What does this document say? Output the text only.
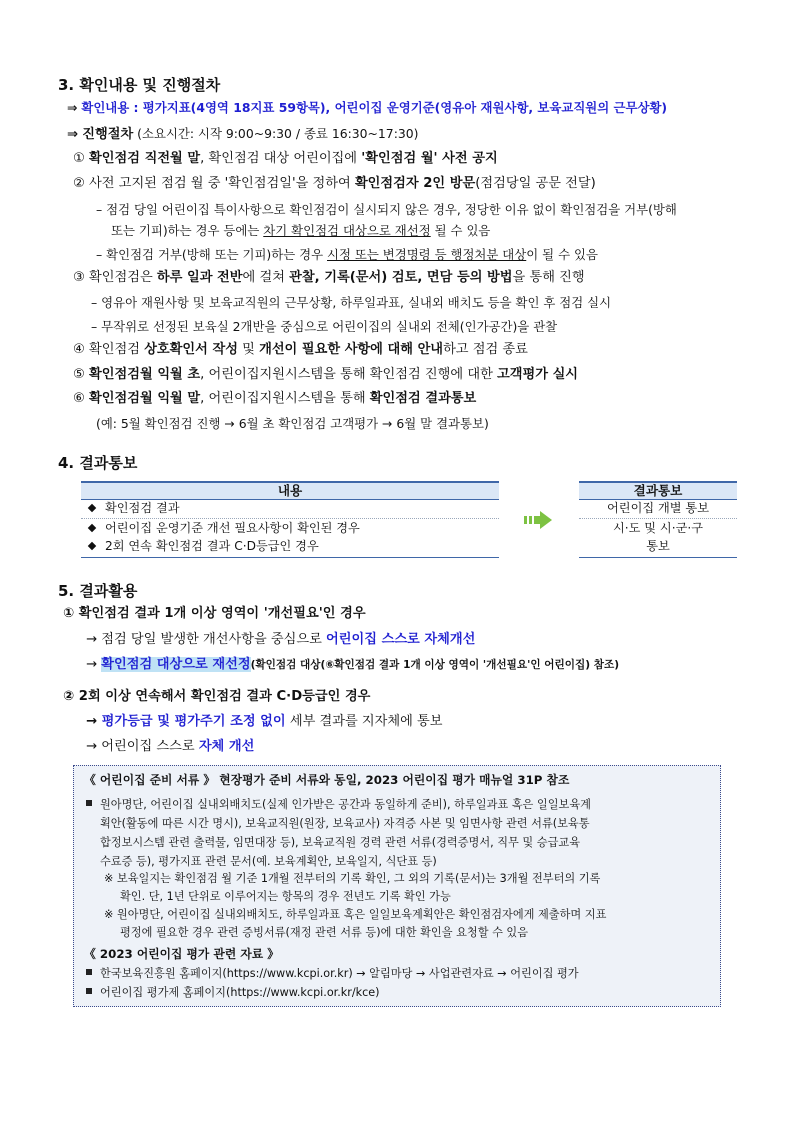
3. 확인내용 및 진행절차
⇒ 확인내용 : 평가지표(4영역 18지표 59항목), 어린이집 운영기준(영유아 재원사항, 보육교직원의 근무상황)
⇒ 진행절차 (소요시간: 시작 9:00~9:30 / 종료 16:30~17:30)
① 확인점검 직전월 말, 확인점검 대상 어린이집에 '확인점검 월' 사전 공지
② 사전 고지된 점검 월 중 '확인점검일'을 정하여 확인점검자 2인 방문(점검당일 공문 전달)
– 점검 당일 어린이집 특이사항으로 확인점검이 실시되지 않은 경우, 정당한 이유 없이 확인점검을 거부(방해
또는 기피)하는 경우 등에는 차기 확인점검 대상으로 재선정 될 수 있음
– 확인점검 거부(방해 또는 기피)하는 경우 시정 또는 변경명령 등 행정처분 대상이 될 수 있음
③ 확인점검은 하루 일과 전반에 걸쳐 관찰, 기록(문서) 검토, 면담 등의 방법을 통해 진행
– 영유아 재원사항 및 보육교직원의 근무상황, 하루일과표, 실내외 배치도 등을 확인 후 점검 실시
– 무작위로 선정된 보육실 2개반을 중심으로 어린이집의 실내외 전체(인가공간)을 관찰
④ 확인점검 상호확인서 작성 및 개선이 필요한 사항에 대해 안내하고 점검 종료
⑤ 확인점검월 익월 초, 어린이집지원시스템을 통해 확인점검 진행에 대한 고객평가 실시
⑥ 확인점검월 익월 말, 어린이집지원시스템을 통해 확인점검 결과통보
(예: 5월 확인점검 진행 → 6월 초 확인점검 고객평가 → 6월 말 결과통보)
4. 결과통보
내용
확인점검 결과
어린이집 운영기준 개선 필요사항이 확인된 경우
2회 연속 확인점검 결과 C·D등급인 경우
결과통보
어린이집 개별 통보
시·도 및 시·군·구
통보
5. 결과활용
① 확인점검 결과 1개 이상 영역이 '개선필요'인 경우
→ 점검 당일 발생한 개선사항을 중심으로 어린이집 스스로 자체개선
→ 확인점검 대상으로 재선정(확인점검 대상(⑥확인점검 결과 1개 이상 영역이 '개선필요'인 어린이집) 참조)
② 2회 이상 연속해서 확인점검 결과 C·D등급인 경우
→ 평가등급 및 평가주기 조정 없이 세부 결과를 지자체에 통보
→ 어린이집 스스로 자체 개선
《 어린이집 준비 서류 》 현장평가 준비 서류와 동일, 2023 어린이집 평가 매뉴얼 31P 참조
원아명단, 어린이집 실내외배치도(실제 인가받은 공간과 동일하게 준비), 하루일과표 혹은 일일보육계
획안(활동에 따른 시간 명시), 보육교직원(원장, 보육교사) 자격증 사본 및 임면사항 관련 서류(보육통
합정보시스템 관련 출력물, 임면대장 등), 보육교직원 경력 관련 서류(경력증명서, 직무 및 승급교육
수료증 등), 평가지표 관련 문서(예. 보육계획안, 보육일지, 식단표 등)
※ 보육일지는 확인점검 월 기준 1개월 전부터의 기록 확인, 그 외의 기록(문서)는 3개월 전부터의 기록
확인. 단, 1년 단위로 이루어지는 항목의 경우 전년도 기록 확인 가능
※ 원아명단, 어린이집 실내외배치도, 하루일과표 혹은 일일보육계획안은 확인점검자에게 제출하며 지표
평정에 필요한 경우 관련 증빙서류(재정 관련 서류 등)에 대한 확인을 요청할 수 있음
《 2023 어린이집 평가 관련 자료 》
한국보육진흥원 홈페이지(https://www.kcpi.or.kr) → 알림마당 → 사업관련자료 → 어린이집 평가
어린이집 평가제 홈페이지(https://www.kcpi.or.kr/kce)
